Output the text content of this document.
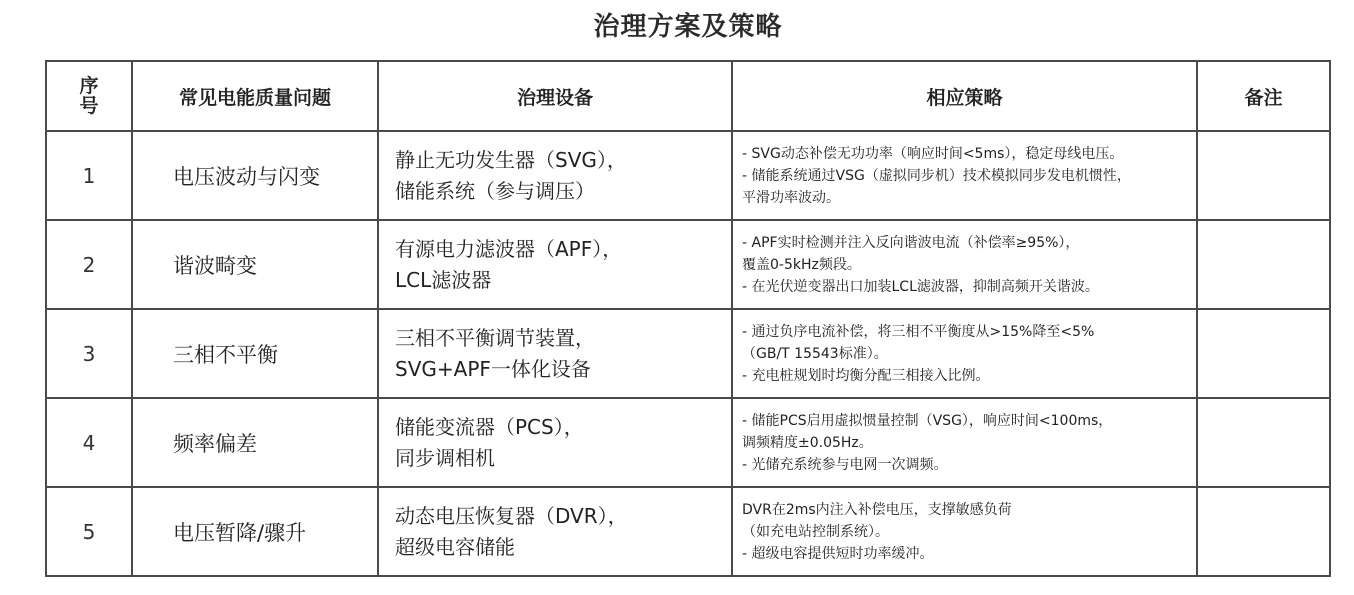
治理方案及策略
序
号	常见电能质量问题	治理设备	相应策略	备注
1	电压波动与闪变	静止无功发生器（SVG），
储能系统（参与调压）	- SVG动态补偿无功功率（响应时间<5ms），稳定母线电压。
- 储能系统通过VSG（虚拟同步机）技术模拟同步发电机惯性，
平滑功率波动。	

2	谐波畸变	有源电力滤波器（APF），
LCL滤波器	- APF实时检测并注入反向谐波电流（补偿率≥95%），
覆盖0-5kHz频段。
- 在光伏逆变器出口加装LCL滤波器，抑制高频开关谐波。	

3	三相不平衡	三相不平衡调节装置，
SVG+APF一体化设备	- 通过负序电流补偿，将三相不平衡度从>15%降至<5%
（GB/T 15543标准）。
- 充电桩规划时均衡分配三相接入比例。	

4	频率偏差	储能变流器（PCS），
同步调相机	- 储能PCS启用虚拟惯量控制（VSG），响应时间<100ms，
调频精度±0.05Hz。
- 光储充系统参与电网一次调频。	

5	电压暂降/骤升	动态电压恢复器（DVR），
超级电容储能	DVR在2ms内注入补偿电压，支撑敏感负荷
（如充电站控制系统）。
- 超级电容提供短时功率缓冲。	
